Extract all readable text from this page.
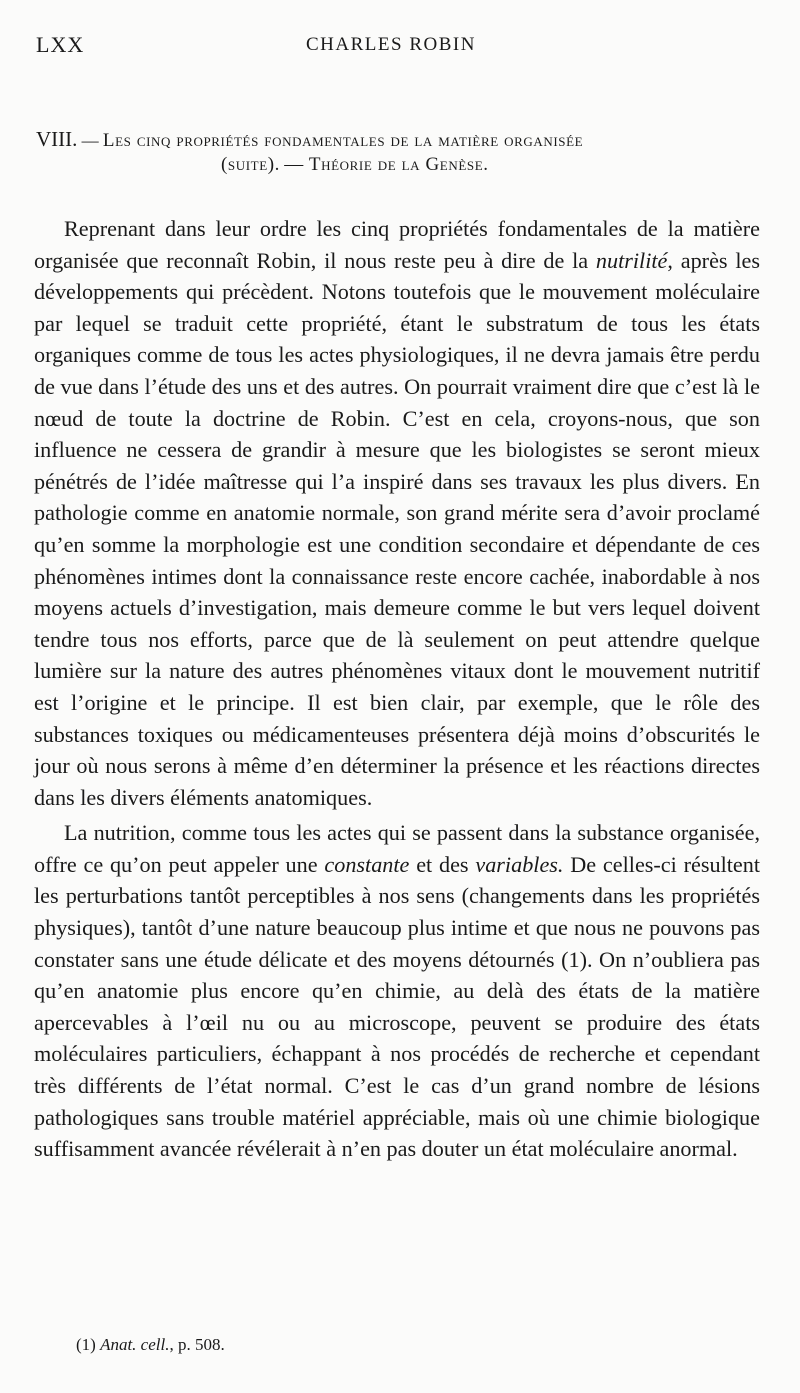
LXX	CHARLES ROBIN
VIII. — Les cinq propriétés fondamentales de la matière organisée
(suite). — Théorie de la Genèse.

Reprenant dans leur ordre les cinq propriétés fondamentales de la matière organisée que reconnaît Robin, il nous reste peu à dire de la nutrilité, après les développements qui précèdent. Notons toutefois que le mouvement moléculaire par lequel se traduit cette propriété, étant le substratum de tous les états organiques comme de tous les actes physiologiques, il ne devra jamais être perdu de vue dans l’étude des uns et des autres. On pourrait vraiment dire que c’est là le nœud de toute la doctrine de Robin. C’est en cela, croyons-nous, que son influence ne cessera de grandir à mesure que les biologistes se seront mieux pénétrés de l’idée maîtresse qui l’a inspiré dans ses travaux les plus divers. En pathologie comme en anatomie normale, son grand mérite sera d’avoir proclamé qu’en somme la morphologie est une condition secondaire et dépendante de ces phénomènes intimes dont la connaissance reste encore cachée, inabordable à nos moyens actuels d’investigation, mais demeure comme le but vers lequel doivent tendre tous nos efforts, parce que de là seulement on peut attendre quelque lumière sur la nature des autres phénomènes vitaux dont le mouvement nutritif est l’origine et le principe. Il est bien clair, par exemple, que le rôle des substances toxiques ou médicamenteuses présentera déjà moins d’obscurités le jour où nous serons à même d’en déterminer la présence et les réactions directes dans les divers éléments anatomiques.

La nutrition, comme tous les actes qui se passent dans la substance organisée, offre ce qu’on peut appeler une constante et des variables. De celles-ci résultent les perturbations tantôt perceptibles à nos sens (changements dans les propriétés physiques), tantôt d’une nature beaucoup plus intime et que nous ne pouvons pas constater sans une étude délicate et des moyens détournés (1). On n’oubliera pas qu’en anatomie plus encore qu’en chimie, au delà des états de la matière apercevables à l’œil nu ou au microscope, peuvent se produire des états moléculaires particuliers, échappant à nos procédés de recherche et cependant très différents de l’état normal. C’est le cas d’un grand nombre de lésions pathologiques sans trouble matériel appréciable, mais où une chimie biologique suffisamment avancée révélerait à n’en pas douter un état moléculaire anormal.

(1) Anat. cell., p. 508.
